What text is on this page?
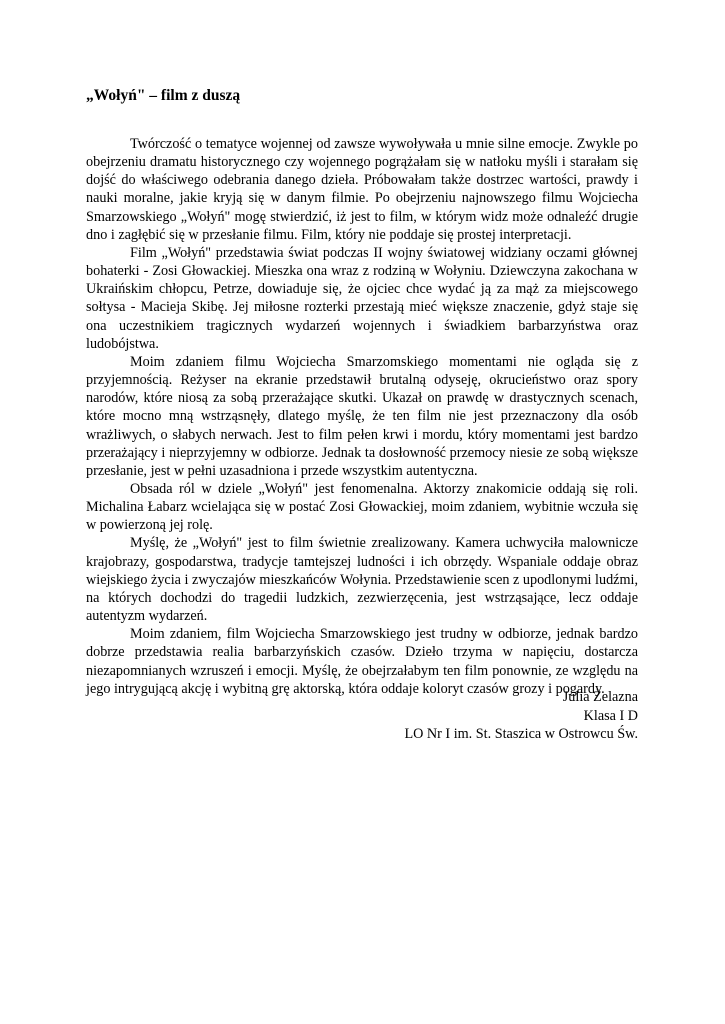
„Wołyń" – film z duszą

Twórczość o tematyce wojennej od zawsze wywoływała u mnie silne emocje. Zwykle po obejrzeniu dramatu historycznego czy wojennego pogrążałam się w natłoku myśli i starałam się dojść do właściwego odebrania danego dzieła. Próbowałam także dostrzec wartości, prawdy i nauki moralne, jakie kryją się w danym filmie. Po obejrzeniu najnowszego filmu Wojciecha Smarzowskiego „Wołyń" mogę stwierdzić, iż jest to film, w którym widz może odnaleźć drugie dno i zagłębić się w przesłanie filmu. Film, który nie poddaje się prostej interpretacji.

Film „Wołyń" przedstawia świat podczas II wojny światowej widziany oczami głównej bohaterki - Zosi Głowackiej. Mieszka ona wraz z rodziną w Wołyniu. Dziewczyna zakochana w Ukraińskim chłopcu, Petrze, dowiaduje się, że ojciec chce wydać ją za mąż za miejscowego sołtysa - Macieja Skibę. Jej miłosne rozterki przestają mieć większe znaczenie, gdyż staje się ona uczestnikiem tragicznych wydarzeń wojennych i świadkiem barbarzyństwa oraz ludobójstwa.

Moim zdaniem filmu Wojciecha Smarzomskiego momentami nie ogląda się z przyjemnością. Reżyser na ekranie przedstawił brutalną odyseję, okrucieństwo oraz spory narodów, które niosą za sobą przerażające skutki. Ukazał on prawdę w drastycznych scenach, które mocno mną wstrząsnęły, dlatego myślę, że ten film nie jest przeznaczony dla osób wrażliwych, o słabych nerwach. Jest to film pełen krwi i mordu, który momentami jest bardzo przerażający i nieprzyjemny w odbiorze. Jednak ta dosłowność przemocy niesie ze sobą większe przesłanie, jest w pełni uzasadniona i przede wszystkim autentyczna.

Obsada ról w dziele „Wołyń" jest fenomenalna. Aktorzy znakomicie oddają się roli. Michalina Łabarz wcielająca się w postać Zosi Głowackiej, moim zdaniem, wybitnie wczuła się w powierzoną jej rolę.

Myślę, że „Wołyń" jest to film świetnie zrealizowany. Kamera uchwyciła malownicze krajobrazy, gospodarstwa, tradycje tamtejszej ludności i ich obrzędy. Wspaniale oddaje obraz wiejskiego życia i zwyczajów mieszkańców Wołynia. Przedstawienie scen z upodlonymi ludźmi, na których dochodzi do tragedii ludzkich, zezwierzęcenia, jest wstrząsające, lecz oddaje autentyzm wydarzeń.

Moim zdaniem, film Wojciecha Smarzowskiego jest trudny w odbiorze, jednak bardzo dobrze przedstawia realia barbarzyńskich czasów. Dzieło trzyma w napięciu, dostarcza niezapomnianych wzruszeń i emocji. Myślę, że obejrzałabym ten film ponownie, ze względu na jego intrygującą akcję i wybitną grę aktorską, która oddaje koloryt czasów grozy i pogardy.

Julia Żelazna
Klasa I D
LO Nr I im. St. Staszica w Ostrowcu Św.
